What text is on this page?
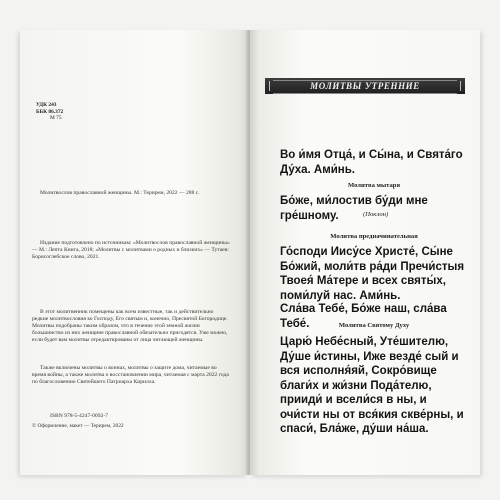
УДК 243
ББК 86.372
М 75
Молитвослов православной женщины. М.: Терирем, 2022 — 288 с.
Издание подготовлено по источникам: «Молитвослов православной женщины» — М.: Лепта Книга, 2018; «Молитвы с молитвами о родных и близких» — Тутаев: Борисоглебское слово, 2021.
В этот молитвенник помещены как всем известные, так и действительно редкие молитвословия ко Господу, Его святым и, конечно, Пресвятой Богородице. Молитвы подобраны таким образом, что в течение этой земной жизни большинство из них женщине православной обязательно пригодятся. Уже можно, если будет вам молитвы отредактированы от лица читающей женщины.
Также включены молитвы о воинах, молитвы о защите дома, читаемые во время войны, а также молитва о восстановлении мира, читаемая с марта 2022 года по благословению Святейшего Патриарха Кирилла.
ISBN 978-5-4247-0092-7
© Оформление, макет — Терирем, 2022
МОЛИТВЫ УТРЕННИЕ
Во и́мя Отца́, и Сы́на, и Свята́го Ду́ха. Ами́нь.
Молитва мытаря
Бо́же, ми́лостив бу́ди мне гре́шному.	(Поклон)
Молитва предначинательная
Го́споди Иису́се Христе́, Сы́не Бо́жий, моли́тв ра́ди Пречи́стыя Твоея́ Ма́тере и всех святы́х, поми́луй нас. Ами́нь.
Сла́ва Тебе́, Бо́же наш, сла́ва Тебе́.	Молитва Святому Духу
Царю́ Небе́сный, Уте́шителю, Ду́ше и́стины, Иже везде́ сый и вся исполня́яй, Сокро́вище благи́х и жи́зни Пода́телю, прииди́ и всели́ся в ны, и очи́сти ны от вся́кия скве́рны, и спаси́, Бла́же, ду́ши на́ша.
